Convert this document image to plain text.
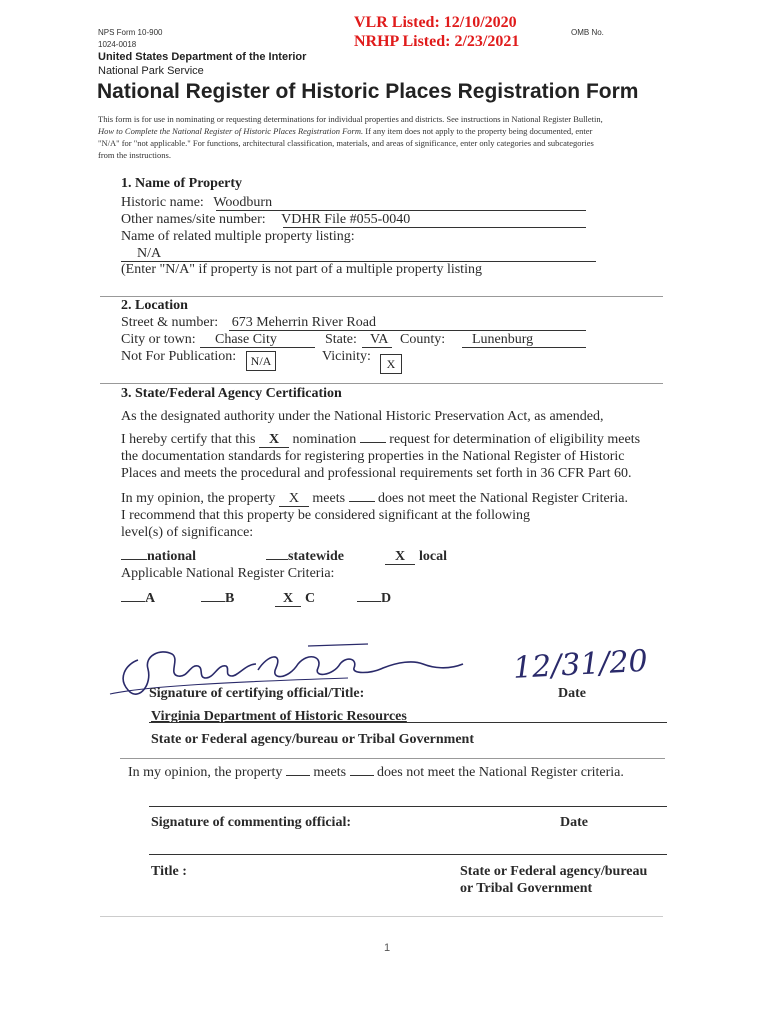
VLR Listed: 12/10/2020
NRHP Listed: 2/23/2021
NPS Form 10-900
1024-0018
OMB No.
United States Department of the Interior
National Park Service
National Register of Historic Places Registration Form
This form is for use in nominating or requesting determinations for individual properties and districts. See instructions in National Register Bulletin,
How to Complete the National Register of Historic Places Registration Form. If any item does not apply to the property being documented, enter
"N/A" for "not applicable." For functions, architectural classification, materials, and areas of significance, enter only categories and subcategories
from the instructions.
1. Name of Property
Historic name: Woodburn
Other names/site number: VDHR File #055-0040
Name of related multiple property listing:
N/A
(Enter "N/A" if property is not part of a multiple property listing
2. Location
Street & number: 673 Meherrin River Road
City or town: Chase City	State: VA County: Lunenburg
Not For Publication:	N/A	Vicinity:	X
3. State/Federal Agency Certification
As the designated authority under the National Historic Preservation Act, as amended,
I hereby certify that this X nomination request for determination of eligibility meets
the documentation standards for registering properties in the National Register of Historic
Places and meets the procedural and professional requirements set forth in 36 CFR Part 60.
In my opinion, the property X meets does not meet the National Register Criteria.
I recommend that this property be considered significant at the following
level(s) of significance:
national	statewide	X local
Applicable National Register Criteria:
A	B	X C	D
12/31/20
Signature of certifying official/Title:	Date
Virginia Department of Historic Resources
State or Federal agency/bureau or Tribal Government
In my opinion, the property meets does not meet the National Register criteria.
Signature of commenting official:	Date
Title :	State or Federal agency/bureau
or Tribal Government
1
